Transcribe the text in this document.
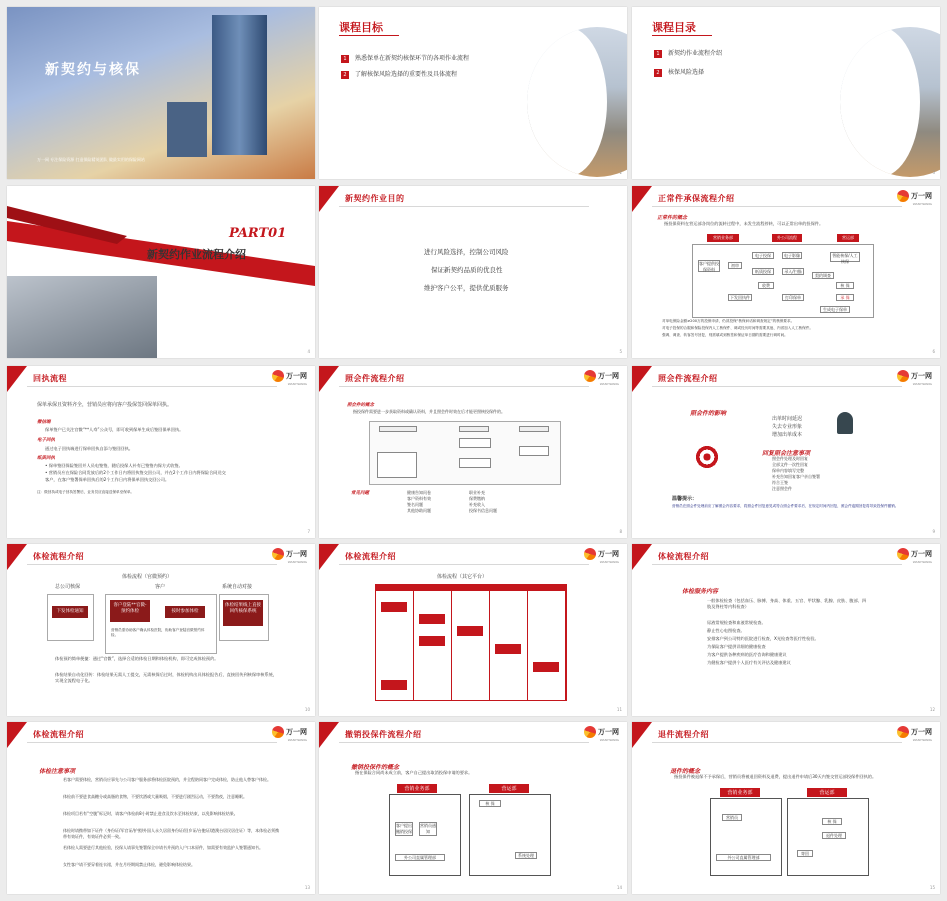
新契约与核保
万一网 专注保险资源 打造保险精英团队 做最实用的保险网站
课程目标
1	熟悉保单在新契约核保环节的各项作业流程
2	了解核保风险选择的重要性及具体流程
2
课程目录
1	新契约作业流程介绍
2	核保风险选择
3
PART01
新契约作业流程介绍
4
新契约作业目的
进行风险选择，控制公司风险
保证新契约品质的优良性
维护客户公平，提供优质服务
5
正常件承保流程介绍	万一网
WANYIWANG
正常件的概念
指投保资料在营运部各岗位的流转过程中，未发生流程停转，可以正常出单的投保件。
营销业务部	外公司流程	营运部
客户提供投保资料
初审
电子投保
纸质投保
电子影像
录入/扫描
智能核保/人工核保
收费
契约调查
核 保
承 保
打印保单
下发回执件
生成电子保单
对单电保险金额≥200万的投保申请，仍须投保“核保问话和调查规定”的核保要求。
对电子投保的合服和保险投保内人工核保件、调或经历时间等需要其他、内省加入人工核保件。
强调、调查、转客签号回复，则需填或到核签和保证单日期的需要进行调时间。
6
回执流程	万一网
WANYIWANG
保单承保且资料齐全，营销员应将向客户投保签回保单回执。
微信端
保单签户已关注官微“**人寿”公众号，即可收到保单生成后签回保单回执。
电子回执
通过电子回执端进行保单回执自添与签回回执。
纸质回执
• 保单签回保险签回并人员电签签，随后投保人补有已签签内保方式收签。
• 营销员应在保险合同发放后的2个工作日内将回执签交回公司，并在2个工作日内将保险合同送交
客户，在客户签署保单回执后的2个工作日内将保单回执交回公司。
注：微回执或电子回执签署后，业务员应直接送保单至保单。
7
照会件流程介绍	万一网
WANYIWANG
照会件的概念
指投保件需要进一步获取资料或确认资料，并且照会件时效在后才能更照核投保件的。
常见问题	健康告知问卷
客户资料有效
签名问题
其他协助问题
职业补充
保费缴纳
补充收入
投保书信息问题
8
照会件流程介绍	万一网
WANYIWANG
照会件的影响
出单时间延迟
失去专业形象
增加出单成本
回复照会注意事项
照会件处理及时回复
全部文件一次性回复
保单内容填写完整
补充告知回复客户亲自签署
符合王签
注意照会件
温馨提示：
营销员在照会件处理前应了解照会内容要求，将照会件回复意见或符合照会件要求后，在规定时间内回复，照会件逾期回复将导致投保件撤销。
9
体检流程介绍	万一网
WANYIWANG
体检流程（官微预约）
总公司核保	客户	系统自动对接
下发体检通知
客户登陆**官微-预约体检	按时参加体检
体检结果线上直接回传核保系统
营销员需协助客户确认体检医院，协助客户登陆官微预约体检。
体检预约简单便捷：通过“官微”，选择合适的体检日期和体检机构，即可完成体检预约。
体检结果自动化回传：体检结果无需人工提交，无需核保后过时，体检机构出具体检报告后，直接回传到核保审核系统，实现全流程电子化。
10
体检流程介绍	万一网
WANYIWANG
体检流程（其它平台）
11
体检流程介绍	万一网
WANYIWANG
体检服务内容
一般体检检查（包括血压、脉搏、身高、体重、五官、甲状腺、乳腺、皮肤、腹部、四肢及脊柱等内科检查）
尿液常规检查和血液常规检查。
静止性心电图检查。
安排客户到公司特约医院进行检查，X光检查等医疗性检验。
为保险客户提供详细的健康检查
为客户提供各种疾病的医疗咨询和健康建议
为健检客户提供个人医疗有关评估及健康建议
12
体检流程介绍	万一网
WANYIWANG
体检注意事项
若客户需要体检，营销员应事先与公司客户服务部将体检医院预约，并全程陪同客户完成体检，防止他人替客户体检。
体检前不要进食高糖分或高脂的食物，不要饮酒或大量吸烟，不要进行剧烈运动，不要熬夜，注意睡眠。
体检项目若有“空腹”标记时，请客户体检前8小时禁止进食及饮水至体检结束，以免影响体检结果。
体检时请携带如下证件（身份证/军官证/护照/外国人永久居留身份证/回乡证/台胞证/港澳台居民居住证）等，本体检必须携带有效证件，有效证件必须一致。
若体检人需要进行其他检验，投保人请事先签署保全申请书并预约入户口本原件，如需要有效监护人签署通知书。
女性客户请不要穿着连衣裙，并在月经期间禁止体检，避免影响体检结果。
13
撤销投保件流程介绍	万一网
WANYIWANG
撤销投保件的概念
指在保险合同尚未成立前，客户自己提出取消投保申请的要求。
营销业务部	营运部
客户提出撤销投保
营销员通知
核 保
系统处理
外公司直属管理部
14
退件流程介绍	万一网
WANYIWANG
退件的概念
指投保件被退保不予承保后，营销员将被退回资料及退费，提出退件申请后30天内签交营运部投保件回执的。
营销业务部	营运部
营销员
核 保
退件处理
外公司直属管理部
寄回
15
